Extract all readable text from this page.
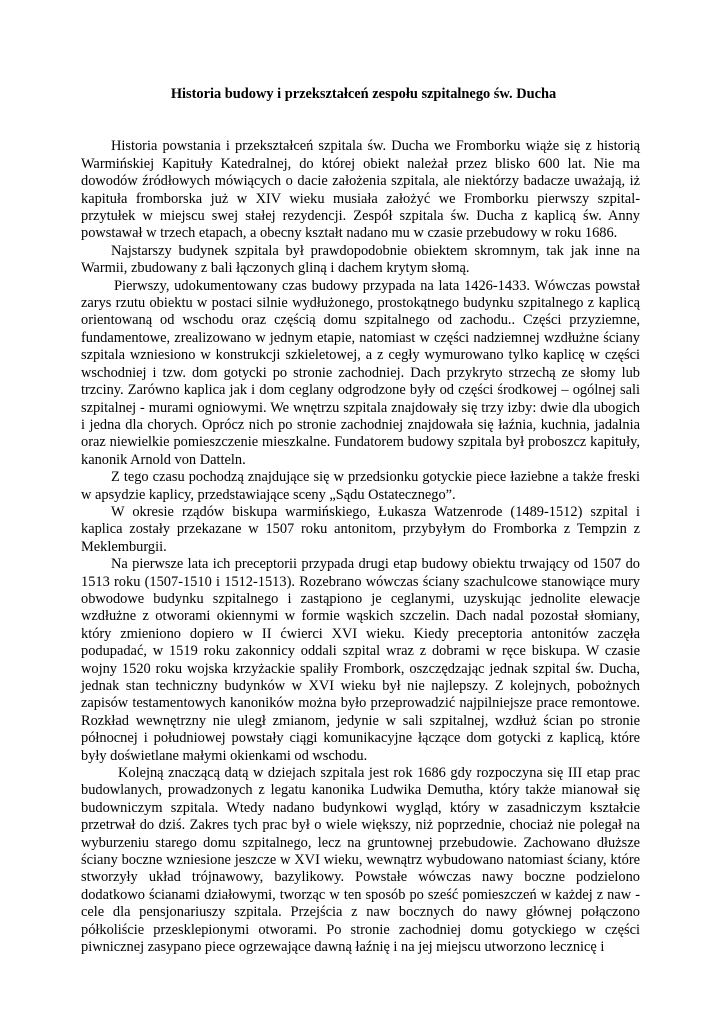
Historia budowy i przekształceń zespołu szpitalnego św. Ducha

Historia powstania i przekształceń szpitala św. Ducha we Fromborku wiąże się z historią Warmińskiej Kapituły Katedralnej, do której obiekt należał przez blisko 600 lat. Nie ma dowodów źródłowych mówiących o dacie założenia szpitala, ale niektórzy badacze uważają, iż kapituła fromborska już w XIV wieku musiała założyć we Fromborku pierwszy szpital-przytułek w miejscu swej stałej rezydencji. Zespół szpitala św. Ducha z kaplicą św. Anny powstawał w trzech etapach, a obecny kształt nadano mu w czasie przebudowy w roku 1686.

Najstarszy budynek szpitala był prawdopodobnie obiektem skromnym, tak jak inne na Warmii, zbudowany z bali łączonych gliną i dachem krytym słomą.

Pierwszy, udokumentowany czas budowy przypada na lata 1426-1433. Wówczas powstał zarys rzutu obiektu w postaci silnie wydłużonego, prostokątnego budynku szpitalnego z kaplicą orientowaną od wschodu oraz częścią domu szpitalnego od zachodu.. Części przyziemne, fundamentowe, zrealizowano w jednym etapie, natomiast w części nadziemnej wzdłużne ściany szpitala wzniesiono w konstrukcji szkieletowej, a z cegły wymurowano tylko kaplicę w części wschodniej i tzw. dom gotycki po stronie zachodniej. Dach przykryto strzechą ze słomy lub trzciny. Zarówno kaplica jak i dom ceglany odgrodzone były od części środkowej – ogólnej sali szpitalnej - murami ogniowymi. We wnętrzu szpitala znajdowały się trzy izby: dwie dla ubogich i jedna dla chorych. Oprócz nich po stronie zachodniej znajdowała się łaźnia, kuchnia, jadalnia oraz niewielkie pomieszczenie mieszkalne. Fundatorem budowy szpitala był proboszcz kapituły, kanonik Arnold von Datteln.

Z tego czasu pochodzą znajdujące się w przedsionku gotyckie piece łaziebne a także freski w apsydzie kaplicy, przedstawiające sceny „Sądu Ostatecznego”.

W okresie rządów biskupa warmińskiego, Łukasza Watzenrode (1489-1512) szpital i kaplica zostały przekazane w 1507 roku antonitom, przybyłym do Fromborka z Tempzin z Meklemburgii.

Na pierwsze lata ich preceptorii przypada drugi etap budowy obiektu trwający od 1507 do 1513 roku (1507-1510 i 1512-1513). Rozebrano wówczas ściany szachulcowe stanowiące mury obwodowe budynku szpitalnego i zastąpiono je ceglanymi, uzyskując jednolite elewacje wzdłużne z otworami okiennymi w formie wąskich szczelin. Dach nadal pozostał słomiany, który zmieniono dopiero w II ćwierci XVI wieku. Kiedy preceptoria antonitów zaczęła podupadać, w 1519 roku zakonnicy oddali szpital wraz z dobrami w ręce biskupa. W czasie wojny 1520 roku wojska krzyżackie spaliły Frombork, oszczędzając jednak szpital św. Ducha, jednak stan techniczny budynków w XVI wieku był nie najlepszy. Z kolejnych, pobożnych zapisów testamentowych kanoników można było przeprowadzić najpilniejsze prace remontowe. Rozkład wewnętrzny nie uległ zmianom, jedynie w sali szpitalnej, wzdłuż ścian po stronie północnej i południowej powstały ciągi komunikacyjne łączące dom gotycki z kaplicą, które były doświetlane małymi okienkami od wschodu.

Kolejną znaczącą datą w dziejach szpitala jest rok 1686 gdy rozpoczyna się III etap prac budowlanych, prowadzonych z legatu kanonika Ludwika Demutha, który także mianował się budowniczym szpitala. Wtedy nadano budynkowi wygląd, który w zasadniczym kształcie przetrwał do dziś. Zakres tych prac był o wiele większy, niż poprzednie, chociaż nie polegał na wyburzeniu starego domu szpitalnego, lecz na gruntownej przebudowie. Zachowano dłuższe ściany boczne wzniesione jeszcze w XVI wieku, wewnątrz wybudowano natomiast ściany, które stworzyły układ trójnawowy, bazylikowy. Powstałe wówczas nawy boczne podzielono dodatkowo ścianami działowymi, tworząc w ten sposób po sześć pomieszczeń w każdej z naw - cele dla pensjonariuszy szpitala. Przejścia z naw bocznych do nawy głównej połączono półkoliście przesklepionymi otworami. Po stronie zachodniej domu gotyckiego w części piwnicznej zasypano piece ogrzewające dawną łaźnię i na jej miejscu utworzono lecznicę i
